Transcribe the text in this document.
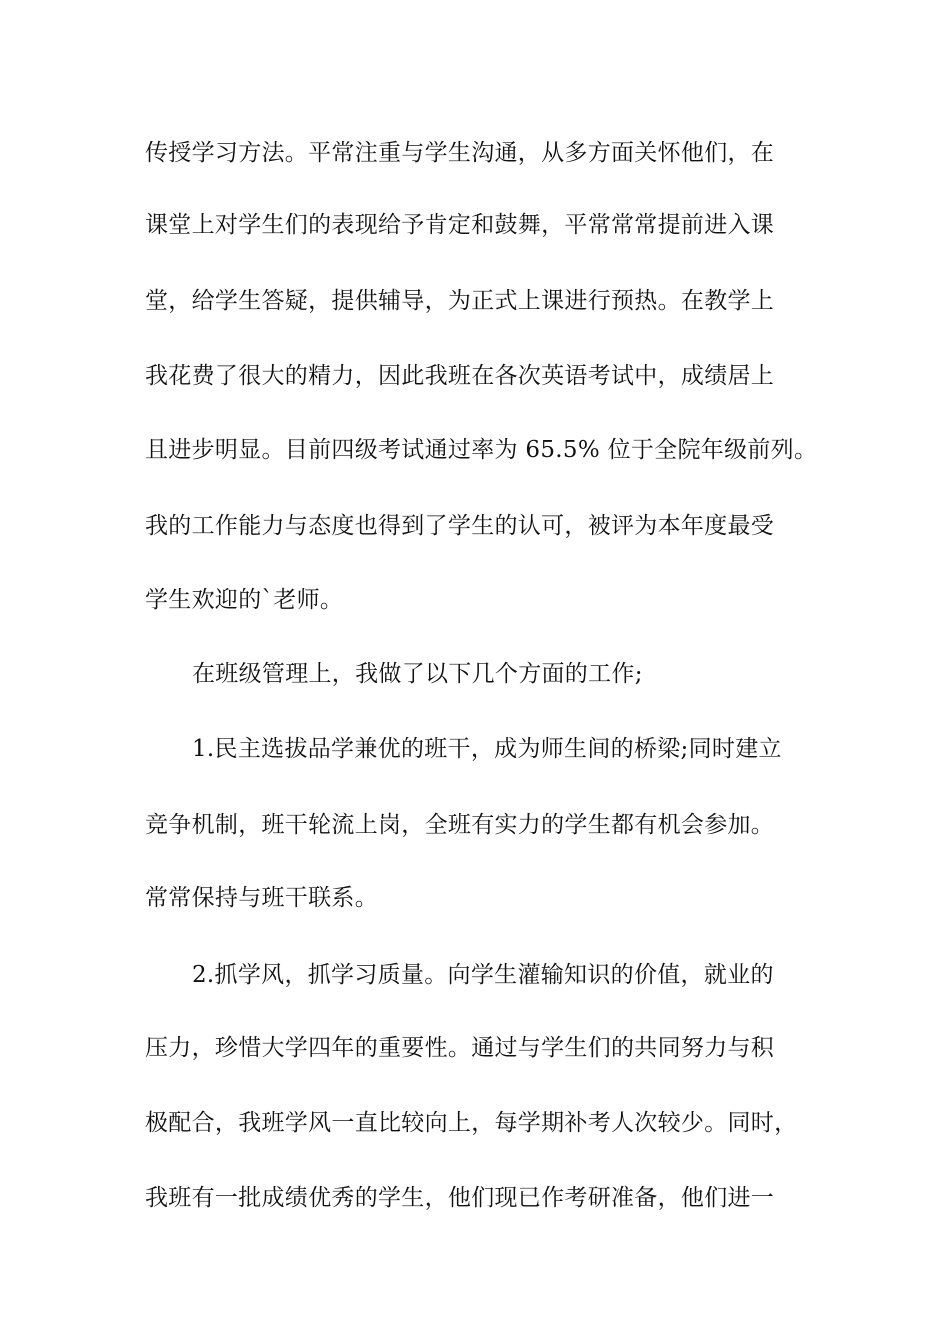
传授学习方法。平常注重与学生沟通，从多方面关怀他们，在
课堂上对学生们的表现给予肯定和鼓舞，平常常常提前进入课
堂，给学生答疑，提供辅导，为正式上课进行预热。在教学上
我花费了很大的精力，因此我班在各次英语考试中，成绩居上
且进步明显。目前四级考试通过率为 65.5% 位于全院年级前列。
我的工作能力与态度也得到了学生的认可，被评为本年度最受
学生欢迎的`老师。
在班级管理上，我做了以下几个方面的工作;
1.民主选拔品学兼优的班干，成为师生间的桥梁;同时建立
竞争机制，班干轮流上岗，全班有实力的学生都有机会参加。
常常保持与班干联系。
2.抓学风，抓学习质量。向学生灌输知识的价值，就业的
压力，珍惜大学四年的重要性。通过与学生们的共同努力与积
极配合，我班学风一直比较向上，每学期补考人次较少。同时，
我班有一批成绩优秀的学生，他们现已作考研准备，他们进一
